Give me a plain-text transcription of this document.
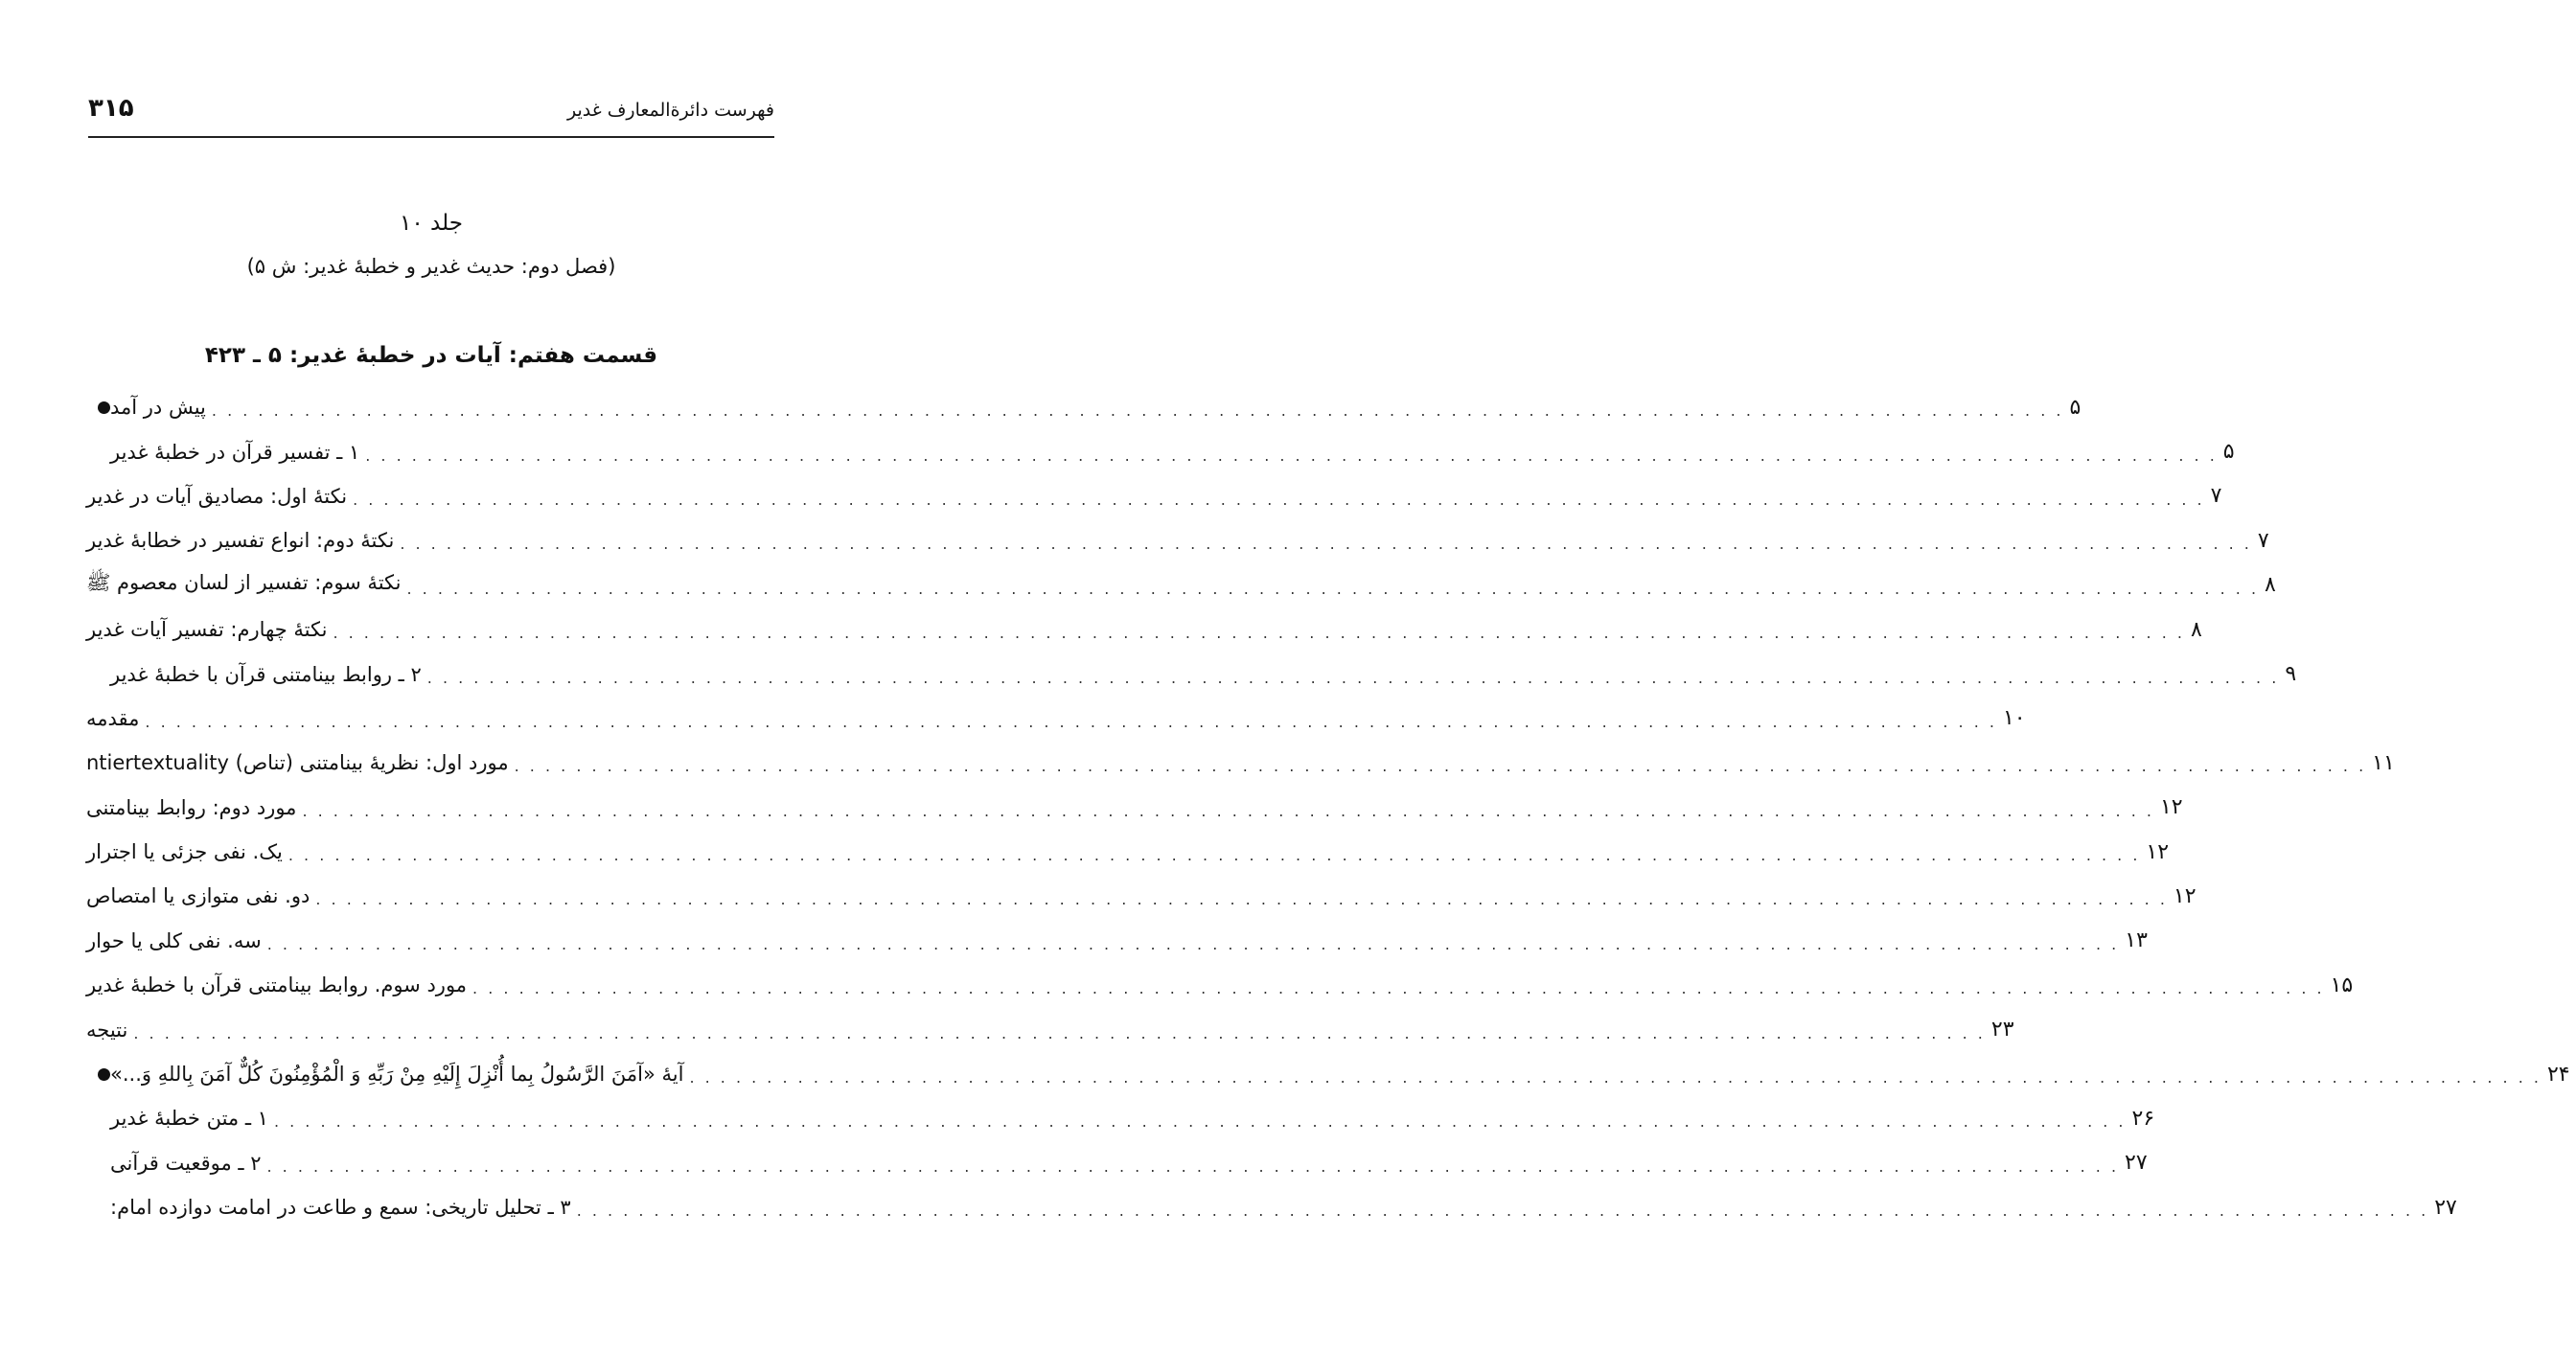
۳۱۵	فهرست دائرةالمعارف غدیر
جلد ۱۰
(فصل دوم: حدیث غدیر و خطبهٔ غدیر: ش ۵)
قسمت هفتم: آیات در خطبهٔ غدیر: ۵ ـ ۴۲۳
پیش در آمد . . . . . . . . . . . . . . . . . . . . . . . . . . . . . . . . . . . . . . . . . . . . . . . . . . . . . . . . . . . . . . . . . . . . . . . . . . . . . . . . . . . . . . . . . . . . . . . . . . . . . . . . . . . . . . . . . . . . . . . . ۵
۱ ـ تفسیر قرآن در خطبهٔ غدیر . . . . . . . . . . . . . . . . . . . . . . . . . . . . . . . . . . . . . . . . . . . . . . . . . . . . . . . . . . . . . . . . . . . . . . . . . . . . . . . . . . . . . . . . . . . . . . . . . . . . . . . . . . . . . . . . . . . . . . . . ۵
نکتهٔ اول: مصادیق آیات در غدیر . . . . . . . . . . . . . . . . . . . . . . . . . . . . . . . . . . . . . . . . . . . . . . . . . . . . . . . . . . . . . . . . . . . . . . . . . . . . . . . . . . . . . . . . . . . . . . . . . . . . . . . . . . . . . . . . . . . . . . . . ۷
نکتهٔ دوم: انواع تفسیر در خطابهٔ غدیر . . . . . . . . . . . . . . . . . . . . . . . . . . . . . . . . . . . . . . . . . . . . . . . . . . . . . . . . . . . . . . . . . . . . . . . . . . . . . . . . . . . . . . . . . . . . . . . . . . . . . . . . . . . . . . . . . . . . . . . . ۷
نکتهٔ سوم: تفسیر از لسان معصوم ﷺ . . . . . . . . . . . . . . . . . . . . . . . . . . . . . . . . . . . . . . . . . . . . . . . . . . . . . . . . . . . . . . . . . . . . . . . . . . . . . . . . . . . . . . . . . . . . . . . . . . . . . . . . . . . . . . . . . . . . . . . . ۸
نکتهٔ چهارم: تفسیر آیات غدیر . . . . . . . . . . . . . . . . . . . . . . . . . . . . . . . . . . . . . . . . . . . . . . . . . . . . . . . . . . . . . . . . . . . . . . . . . . . . . . . . . . . . . . . . . . . . . . . . . . . . . . . . . . . . . . . . . . . . . . . . ۸
۲ ـ روابط بینامتنی قرآن با خطبهٔ غدیر . . . . . . . . . . . . . . . . . . . . . . . . . . . . . . . . . . . . . . . . . . . . . . . . . . . . . . . . . . . . . . . . . . . . . . . . . . . . . . . . . . . . . . . . . . . . . . . . . . . . . . . . . . . . . . . . . . . . . . . . ۹
مقدمه . . . . . . . . . . . . . . . . . . . . . . . . . . . . . . . . . . . . . . . . . . . . . . . . . . . . . . . . . . . . . . . . . . . . . . . . . . . . . . . . . . . . . . . . . . . . . . . . . . . . . . . . . . . . . . . . . . . . . . . . ۱۰
مورد اول: نظریهٔ بینامتنی (تناص) ntiertextuality . . . . . . . . . . . . . . . . . . . . . . . . . . . . . . . . . . . . . . . . . . . . . . . . . . . . . . . . . . . . . . . . . . . . . . . . . . . . . . . . . . . . . . . . . . . . . . . . . . . . . . . . . . . . . . . . . . . . . . . . ۱۱
مورد دوم: روابط بینامتنی . . . . . . . . . . . . . . . . . . . . . . . . . . . . . . . . . . . . . . . . . . . . . . . . . . . . . . . . . . . . . . . . . . . . . . . . . . . . . . . . . . . . . . . . . . . . . . . . . . . . . . . . . . . . . . . . . . . . . . . . ۱۲
یک. نفی جزئی یا اجترار . . . . . . . . . . . . . . . . . . . . . . . . . . . . . . . . . . . . . . . . . . . . . . . . . . . . . . . . . . . . . . . . . . . . . . . . . . . . . . . . . . . . . . . . . . . . . . . . . . . . . . . . . . . . . . . . . . . . . . . . ۱۲
دو. نفی متوازی یا امتصاص . . . . . . . . . . . . . . . . . . . . . . . . . . . . . . . . . . . . . . . . . . . . . . . . . . . . . . . . . . . . . . . . . . . . . . . . . . . . . . . . . . . . . . . . . . . . . . . . . . . . . . . . . . . . . . . . . . . . . . . . ۱۲
سه. نفی کلی یا حوار . . . . . . . . . . . . . . . . . . . . . . . . . . . . . . . . . . . . . . . . . . . . . . . . . . . . . . . . . . . . . . . . . . . . . . . . . . . . . . . . . . . . . . . . . . . . . . . . . . . . . . . . . . . . . . . . . . . . . . . . ۱۳
مورد سوم. روابط بینامتنی قرآن با خطبهٔ غدیر . . . . . . . . . . . . . . . . . . . . . . . . . . . . . . . . . . . . . . . . . . . . . . . . . . . . . . . . . . . . . . . . . . . . . . . . . . . . . . . . . . . . . . . . . . . . . . . . . . . . . . . . . . . . . . . . . . . . . . . . ۱۵
نتیجه . . . . . . . . . . . . . . . . . . . . . . . . . . . . . . . . . . . . . . . . . . . . . . . . . . . . . . . . . . . . . . . . . . . . . . . . . . . . . . . . . . . . . . . . . . . . . . . . . . . . . . . . . . . . . . . . . . . . . . . . ۲۳
آیهٔ «آمَنَ الرَّسُولُ بِما أُنْزِلَ إِلَيْهِ مِنْ رَبِّهِ وَ الْمُؤْمِنُونَ كُلٌّ آمَنَ بِاللهِ وَ...» . . . . . . . . . . . . . . . . . . . . . . . . . . . . . . . . . . . . . . . . . . . . . . . . . . . . . . . . . . . . . . . . . . . . . . . . . . . . . . . . . . . . . . . . . . . . . . . . . . . . . . . . . . . . . . . . . . . . . . . . ۲۴
۱ ـ متن خطبهٔ غدیر . . . . . . . . . . . . . . . . . . . . . . . . . . . . . . . . . . . . . . . . . . . . . . . . . . . . . . . . . . . . . . . . . . . . . . . . . . . . . . . . . . . . . . . . . . . . . . . . . . . . . . . . . . . . . . . . . . . . . . . . ۲۶
۲ ـ موقعیت قرآنی . . . . . . . . . . . . . . . . . . . . . . . . . . . . . . . . . . . . . . . . . . . . . . . . . . . . . . . . . . . . . . . . . . . . . . . . . . . . . . . . . . . . . . . . . . . . . . . . . . . . . . . . . . . . . . . . . . . . . . . . ۲۷
۳ ـ تحلیل تاریخی: سمع و طاعت در امامت دوازده امام: . . . . . . . . . . . . . . . . . . . . . . . . . . . . . . . . . . . . . . . . . . . . . . . . . . . . . . . . . . . . . . . . . . . . . . . . . . . . . . . . . . . . . . . . . . . . . . . . . . . . . . . . . . . . . . . . . . . . . . . . ۲۷
